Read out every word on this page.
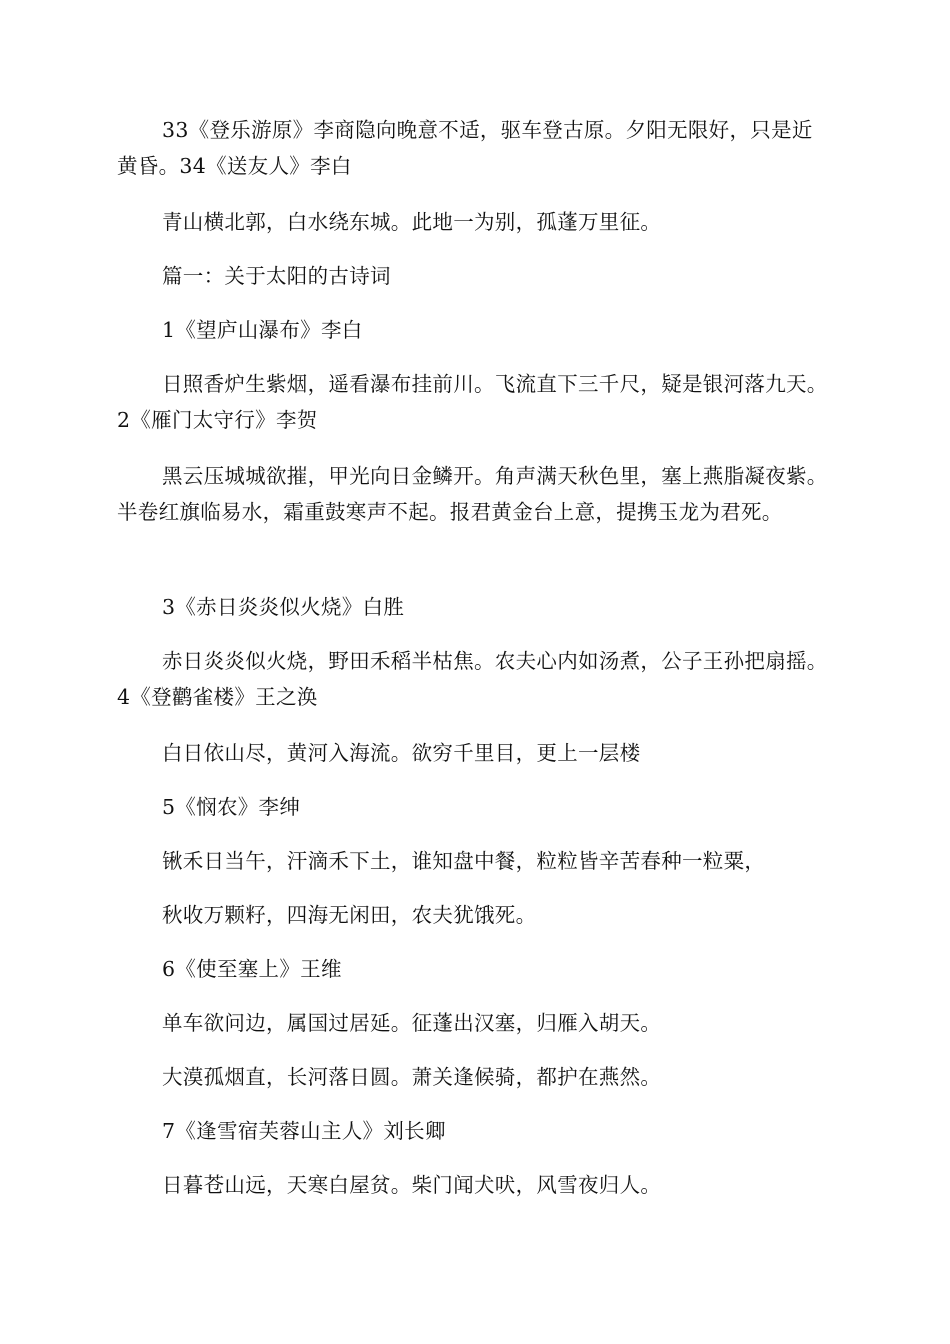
33《登乐游原》李商隐向晚意不适，驱车登古原。夕阳无限好，只是近黄昏。34《送友人》李白

青山横北郭，白水绕东城。此地一为别，孤蓬万里征。

篇一：关于太阳的古诗词

1《望庐山瀑布》李白

日照香炉生紫烟，遥看瀑布挂前川。飞流直下三千尺，疑是银河落九天。2《雁门太守行》李贺

黑云压城城欲摧，甲光向日金鳞开。角声满天秋色里，塞上燕脂凝夜紫。半卷红旗临易水，霜重鼓寒声不起。报君黄金台上意，提携玉龙为君死。

3《赤日炎炎似火烧》白胜

赤日炎炎似火烧，野田禾稻半枯焦。农夫心内如汤煮，公子王孙把扇摇。4《登鹳雀楼》王之涣

白日依山尽，黄河入海流。欲穷千里目，更上一层楼

5《悯农》李绅

锹禾日当午，汗滴禾下土，谁知盘中餐，粒粒皆辛苦春种一粒粟，

秋收万颗籽，四海无闲田，农夫犹饿死。

6《使至塞上》王维

单车欲问边，属国过居延。征蓬出汉塞，归雁入胡天。

大漠孤烟直，长河落日圆。萧关逢候骑，都护在燕然。

7《逢雪宿芙蓉山主人》刘长卿

日暮苍山远，天寒白屋贫。柴门闻犬吠，风雪夜归人。
